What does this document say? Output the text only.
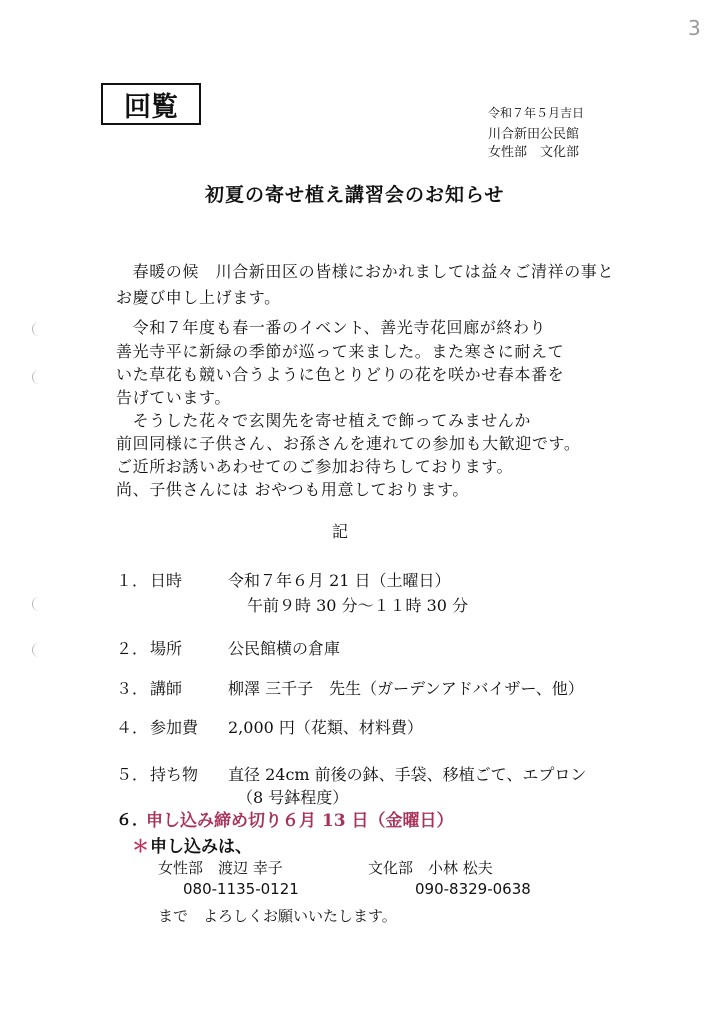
3
回覧	令和７年５月吉日
川合新田公民館
女性部　文化部
初夏の寄せ植え講習会のお知らせ
　春暖の候　川合新田区の皆様におかれましては益々ご清祥の事と
お慶び申し上げます。
　令和７年度も春一番のイベント、善光寺花回廊が終わり
善光寺平に新緑の季節が巡って来ました。また寒さに耐えて
いた草花も競い合うように色とりどりの花を咲かせ春本番を
告げています。
　そうした花々で玄関先を寄せ植えで飾ってみませんか
前回同様に子供さん、お孫さんを連れての参加も大歓迎です。
ご近所お誘いあわせてのご参加お待ちしております。
尚、子供さんには おやつも用意しております。
記
１． 日時	令和７年６月 21 日（土曜日）
午前９時 30 分～１１時 30 分
２． 場所	公民館横の倉庫
３． 講師	柳澤 三千子　先生（ガーデンアドバイザー、他）
４． 参加費 2,000 円（花類、材料費）
５． 持ち物 直径 24cm 前後の鉢、手袋、移植ごて、エプロン
（8 号鉢程度）
６．
申し込み締め切り６月 13 日（金曜日）
＊ 申し込みは、
女性部　渡辺 幸子
080-1135-0121
文化部　小林 松夫
090-8329-0638
まで　よろしくお願いいたします。
